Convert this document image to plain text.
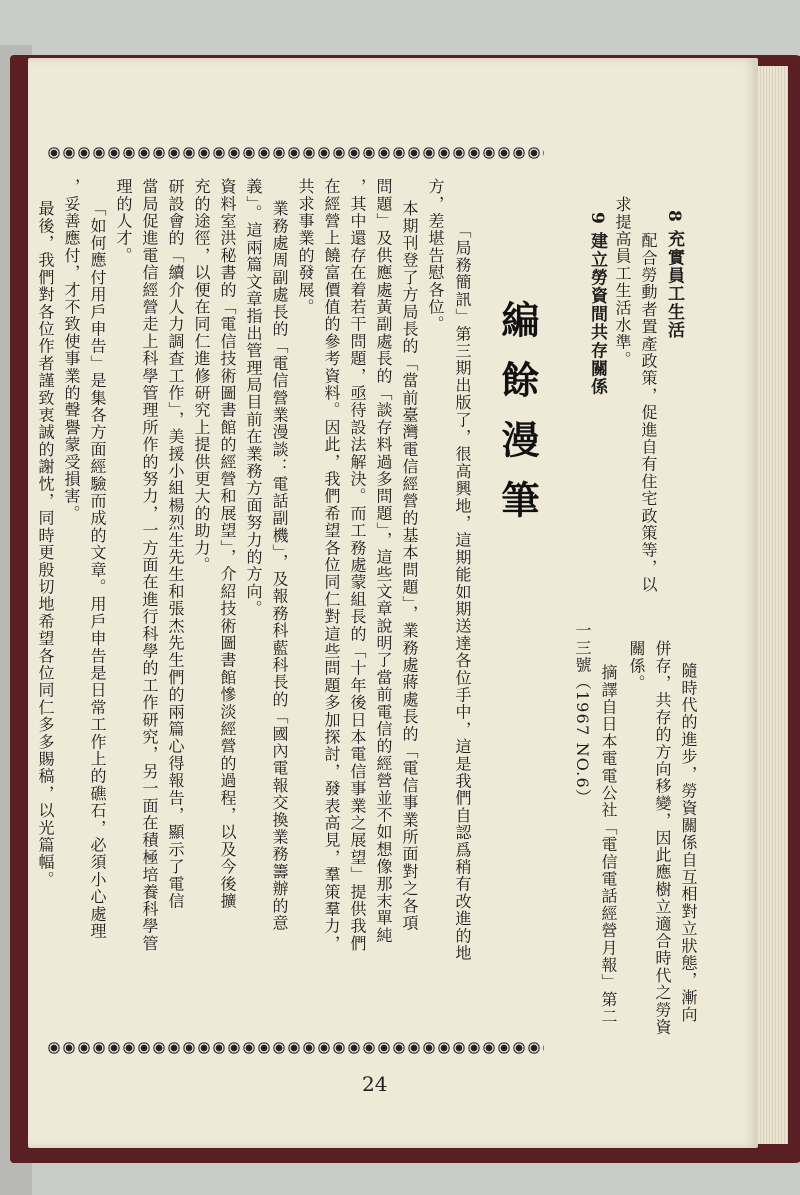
8 充實員工生活
配合勞動者置產政策，促進自有住宅政策等，以
求提高員工生活水準。
9 建立勞資間共存關係
隨時代的進步，勞資關係自互相對立狀態，漸向
併存，共存的方向移變，因此應樹立適合時代之勞資
關係。
摘譯自日本電電公社「電信電話經營月報」第二
一三號（1967 NO.6）
編餘漫筆
「局務簡訊」第三期出版了，很高興地，這期能如期送達各位手中，這是我們自認爲稍有改進的地
方，差堪告慰各位。
本期刊登了方局長的「當前臺灣電信經營的基本問題」，業務處蔣處長的「電信事業所面對之各項
問題」及供應處黃副處長的「談存料過多問題」，這些文章說明了當前電信的經營並不如想像那末單純
，其中還存在着若干問題，亟待設法解決。而工務處蒙組長的「十年後日本電信事業之展望」提供我們
在經營上饒富價值的參考資料。因此，我們希望各位同仁對這些問題多加探討，發表高見，羣策羣力，
共求事業的發展。
業務處周副處長的「電信營業漫談：電話副機」，及報務科藍科長的「國內電報交換業務籌辦的意
義」。這兩篇文章指出管理局目前在業務方面努力的方向。
資料室洪秘書的「電信技術圖書館的經營和展望」，介紹技術圖書館慘淡經營的過程，以及今後擴
充的途徑，以便在同仁進修研究上提供更大的助力。
研設會的「續介人力調查工作」，美援小組楊烈生先生和張杰先生們的兩篇心得報告，顯示了電信
當局促進電信經營走上科學管理所作的努力，一方面在進行科學的工作研究，另一面在積極培養科學管
理的人才。
「如何應付用戶申告」是集各方面經驗而成的文章。用戶申告是日常工作上的礁石，必須小心處理
，妥善應付，才不致使事業的聲譽蒙受損害。
最後，我們對各位作者謹致衷誠的謝忱，同時更殷切地希望各位同仁多多賜稿，以光篇幅。
24
